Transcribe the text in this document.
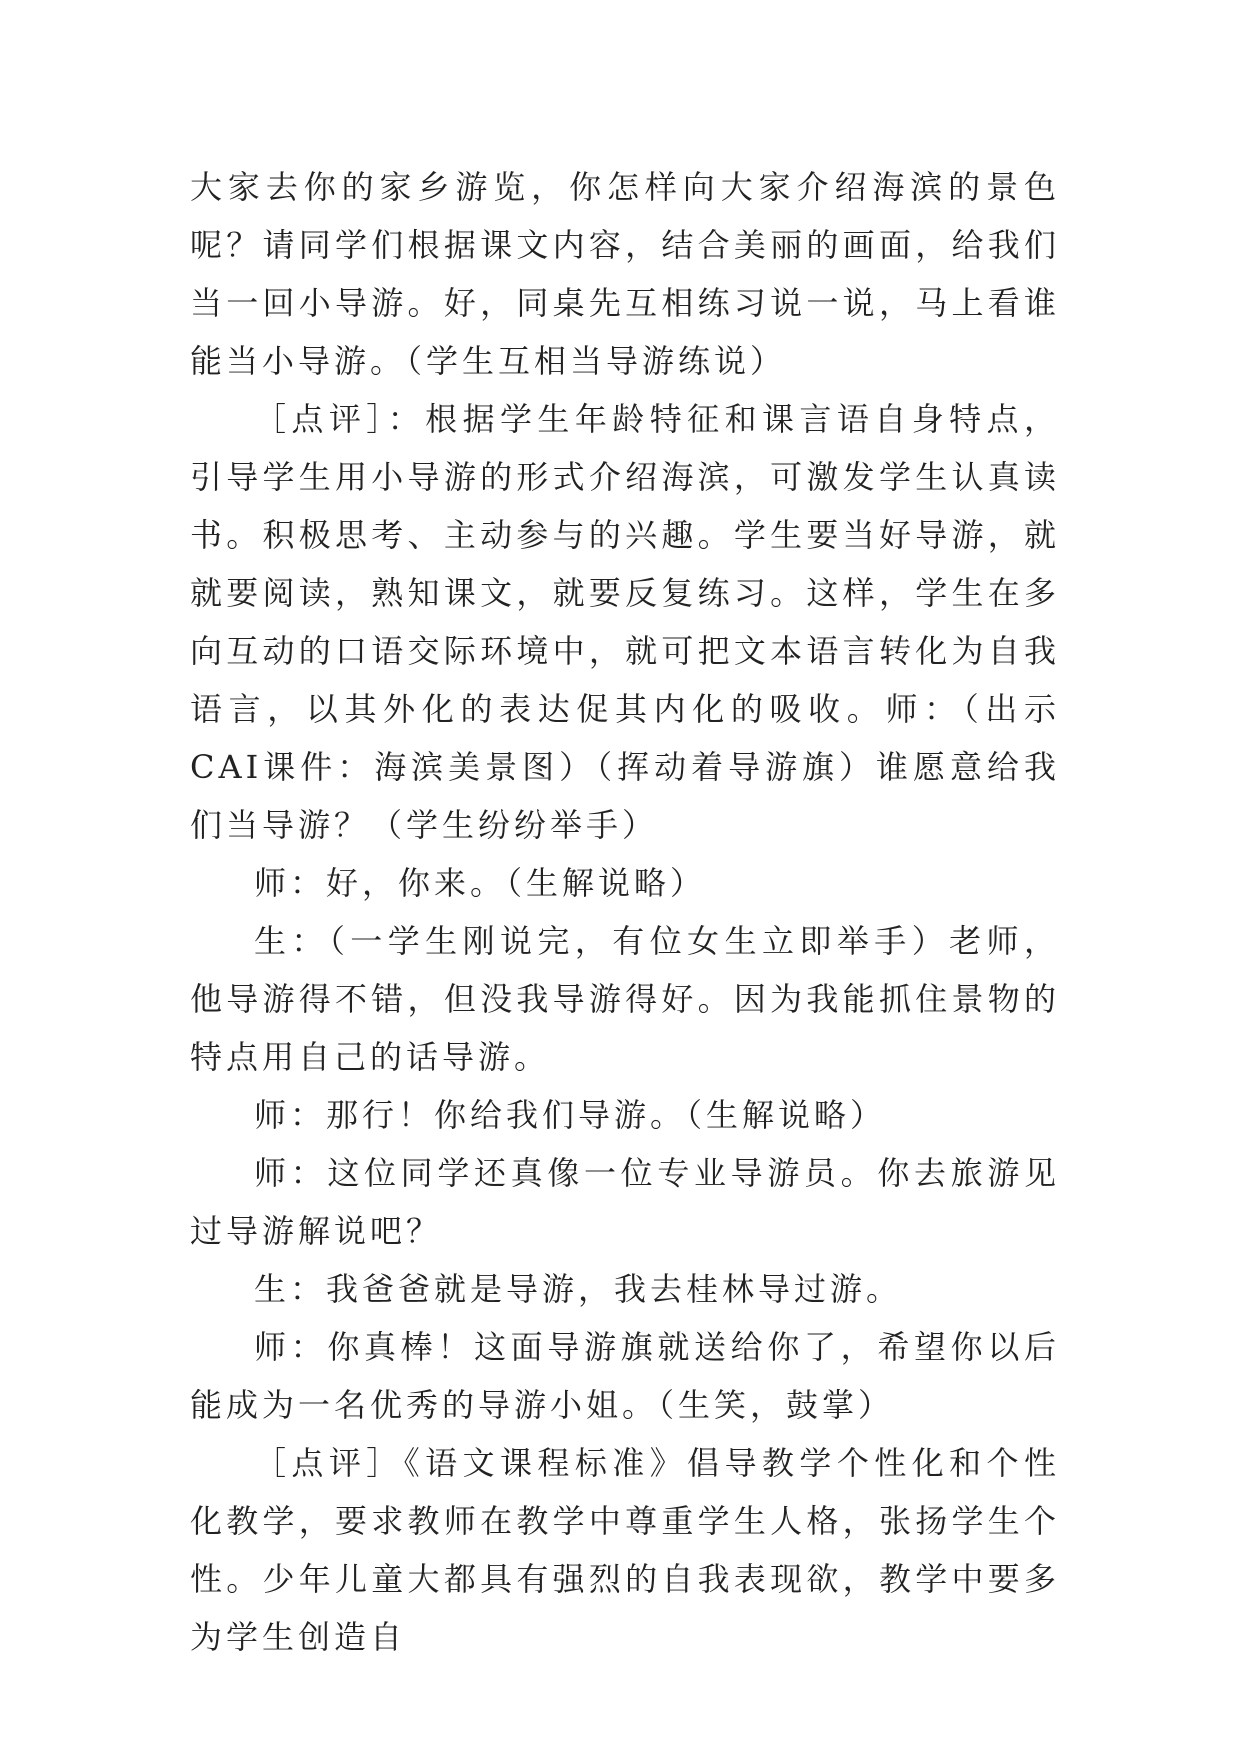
大家去你的家乡游览，你怎样向大家介绍海滨的景色呢？请同学们根据课文内容，结合美丽的画面，给我们当一回小导游。好，同桌先互相练习说一说，马上看谁能当小导游。（学生互相当导游练说）

［点评］：根据学生年龄特征和课言语自身特点，引导学生用小导游的形式介绍海滨，可激发学生认真读书。积极思考、主动参与的兴趣。学生要当好导游，就就要阅读，熟知课文，就要反复练习。这样，学生在多向互动的口语交际环境中，就可把文本语言转化为自我语言，以其外化的表达促其内化的吸收。师：（出示CAI课件：海滨美景图）（挥动着导游旗）谁愿意给我们当导游？（学生纷纷举手）

师：好，你来。（生解说略）

生：（一学生刚说完，有位女生立即举手）老师，他导游得不错，但没我导游得好。因为我能抓住景物的特点用自己的话导游。

师：那行！你给我们导游。（生解说略）

师：这位同学还真像一位专业导游员。你去旅游见过导游解说吧？

生：我爸爸就是导游，我去桂林导过游。

师：你真棒！这面导游旗就送给你了，希望你以后能成为一名优秀的导游小姐。（生笑，鼓掌）

［点评］《语文课程标准》倡导教学个性化和个性化教学，要求教师在教学中尊重学生人格，张扬学生个性。少年儿童大都具有强烈的自我表现欲，教学中要多为学生创造自
